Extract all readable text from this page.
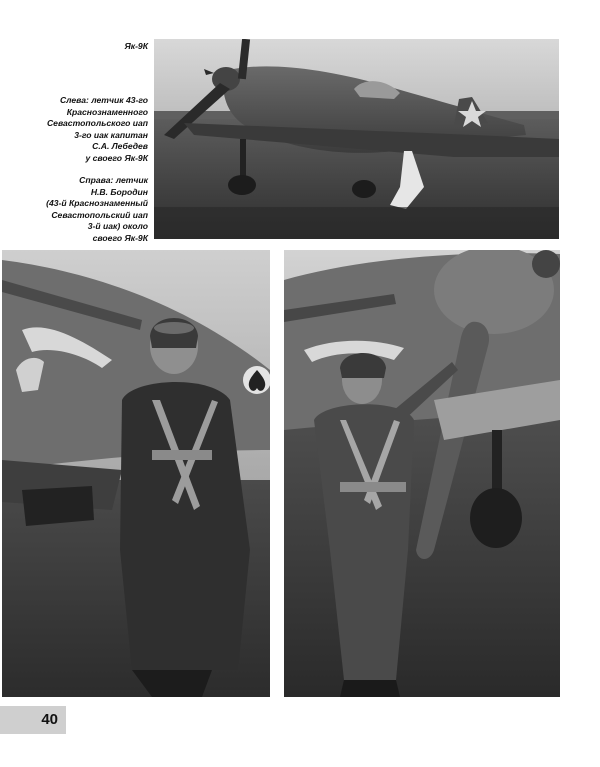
Як-9К
Слева: летчик 43-го
Краснознаменного
Севастопольского иап
3-го иак капитан
С.А. Лебедев
у своего Як-9К
Справа: летчик
Н.В. Бородин
(43-й Краснознаменный
Севастопольский иап
3-й иак) около
своего Як-9К
40
